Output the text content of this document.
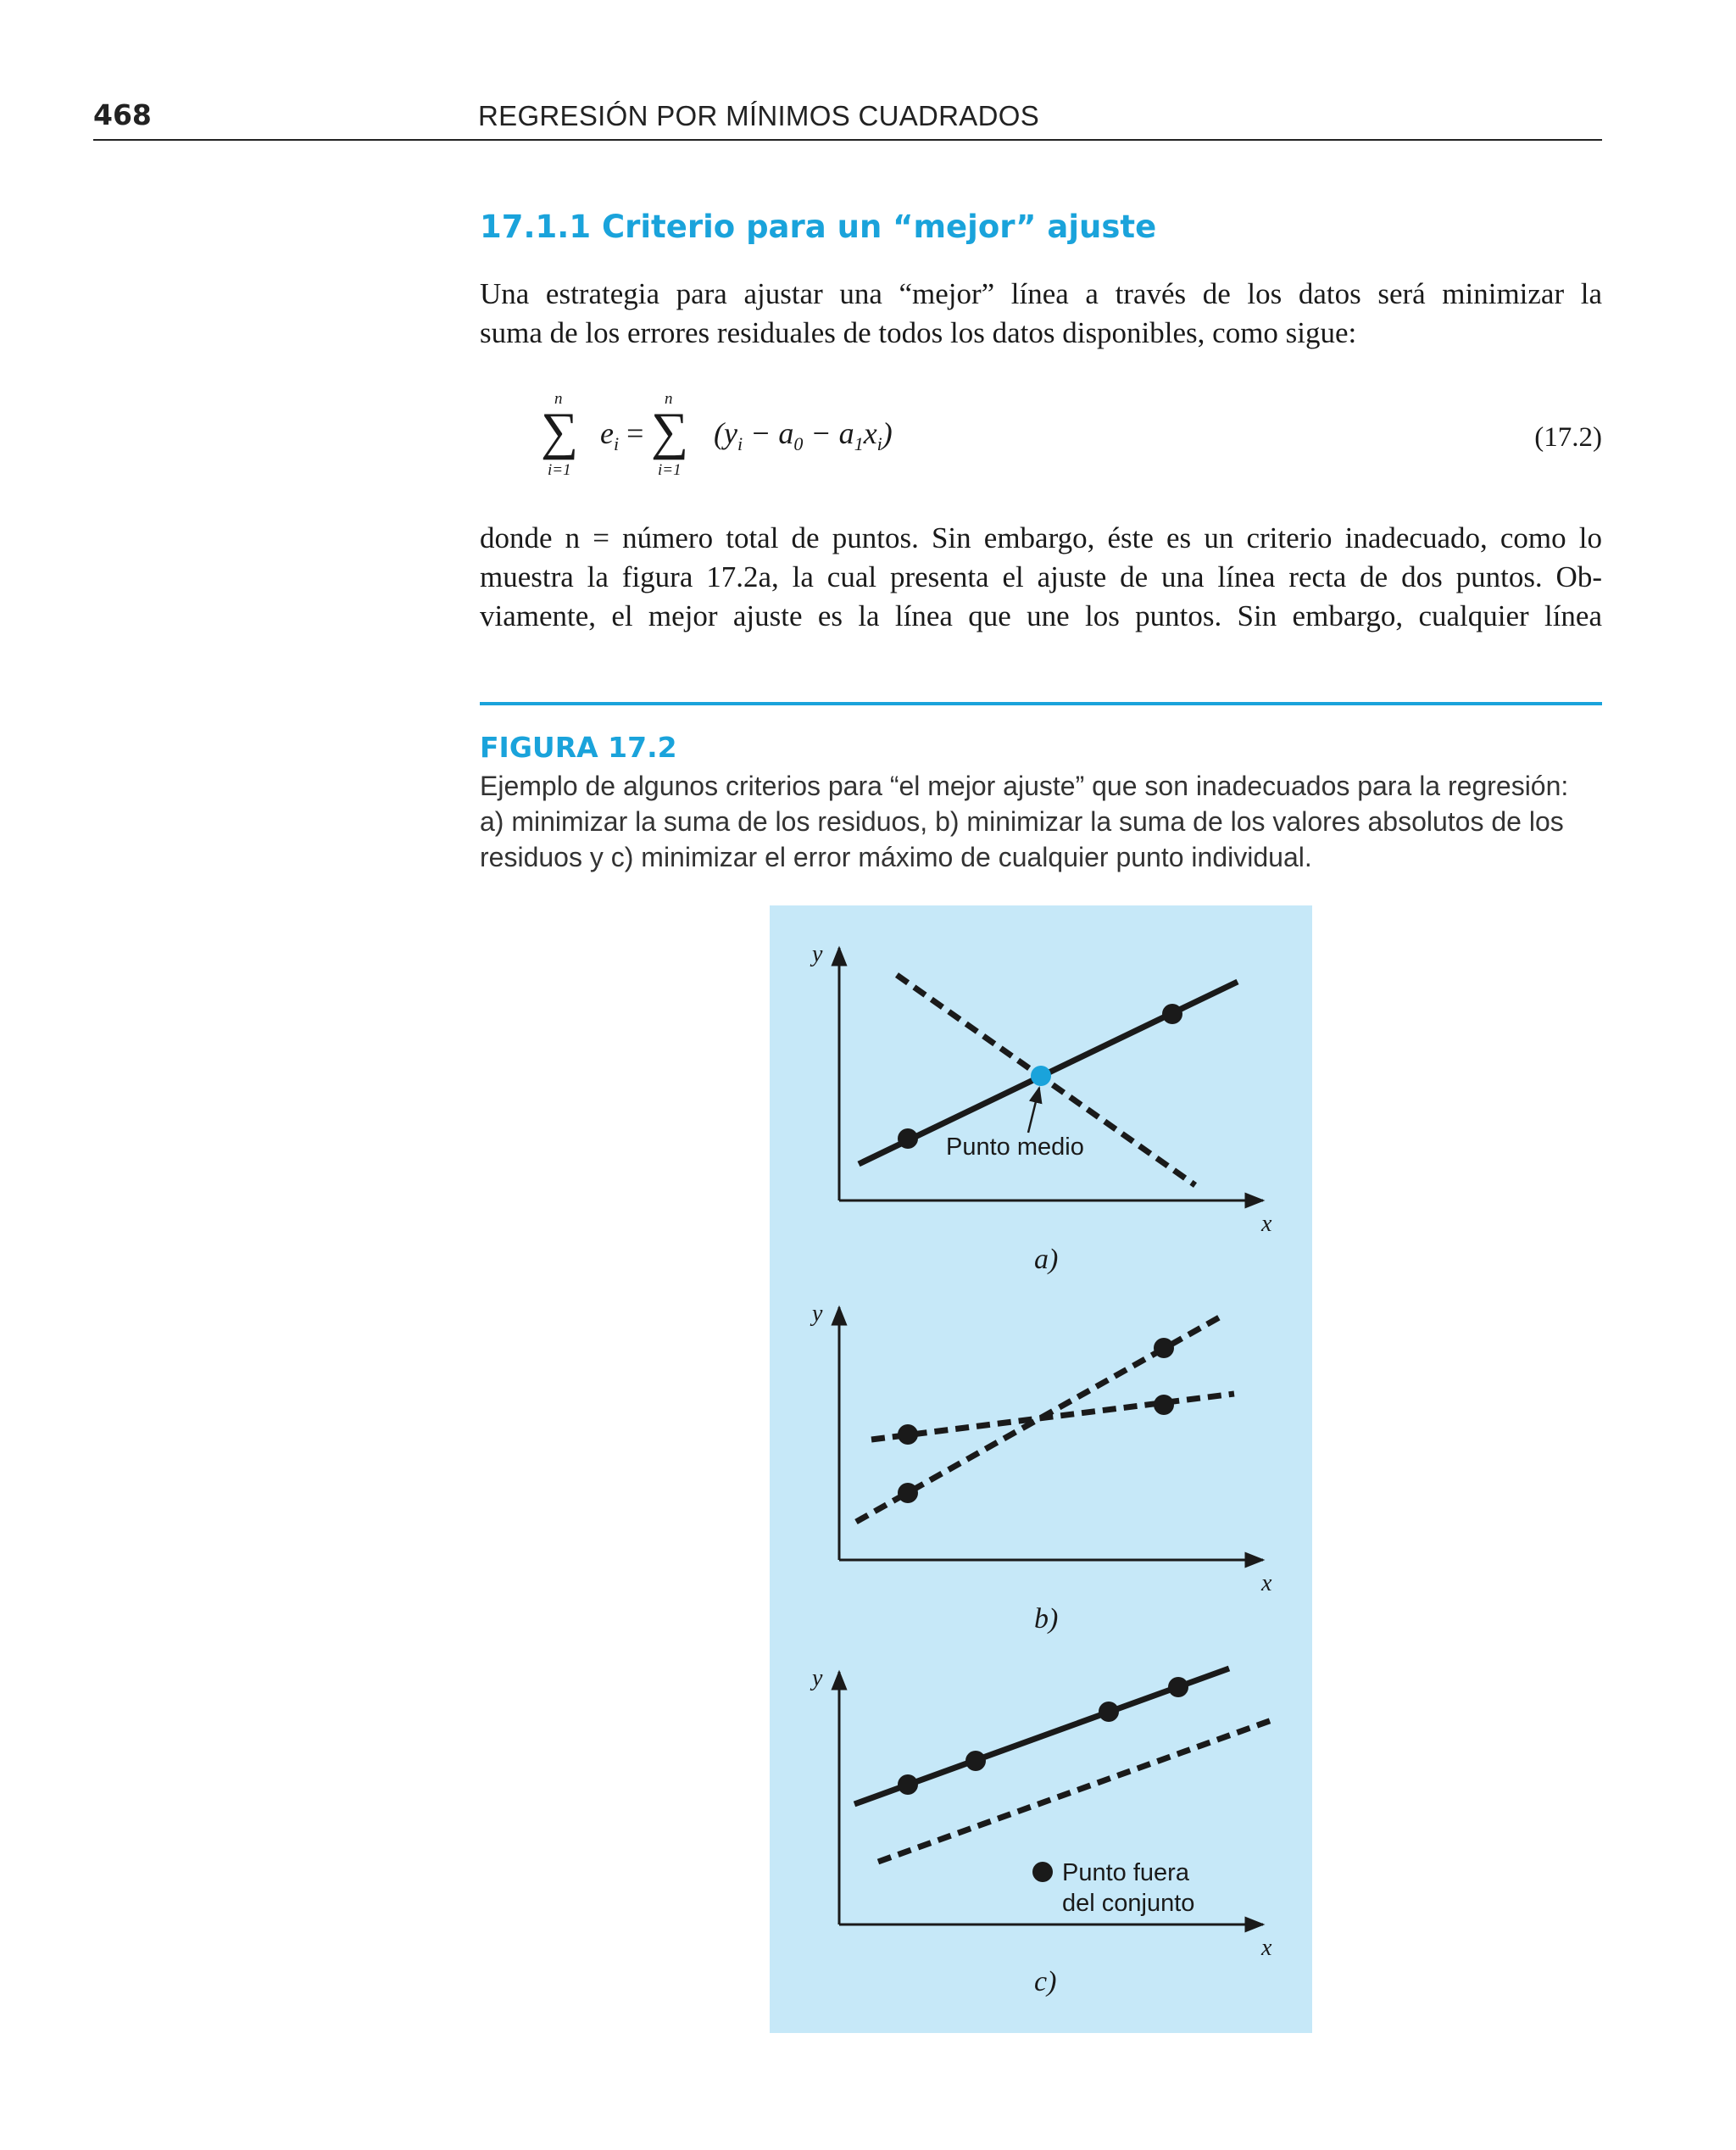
468	REGRESIÓN POR MÍNIMOS CUADRADOS
17.1.1 Criterio para un “mejor” ajuste
Una estrategia para ajustar una “mejor” línea a través de los datos será minimizar la
suma de los errores residuales de todos los datos disponibles, como sigue:
n
∑
i=1
$e_i$ =
n
∑
i=1
$(y_i - a_0 - a_1x_i)$	(17.2)
donde n = número total de puntos. Sin embargo, éste es un criterio inadecuado, como lo
muestra la figura 17.2a, la cual presenta el ajuste de una línea recta de dos puntos. Ob-
viamente, el mejor ajuste es la línea que une los puntos. Sin embargo, cualquier línea
FIGURA 17.2
Ejemplo de algunos criterios para “el mejor ajuste” que son inadecuados para la regresión:
a) minimizar la suma de los residuos, b) minimizar la suma de los valores absolutos de los
residuos y c) minimizar el error máximo de cualquier punto individual.
y
x
Punto medio
a)
y
x
b)
y
x
Punto fuera
del conjunto
c)
